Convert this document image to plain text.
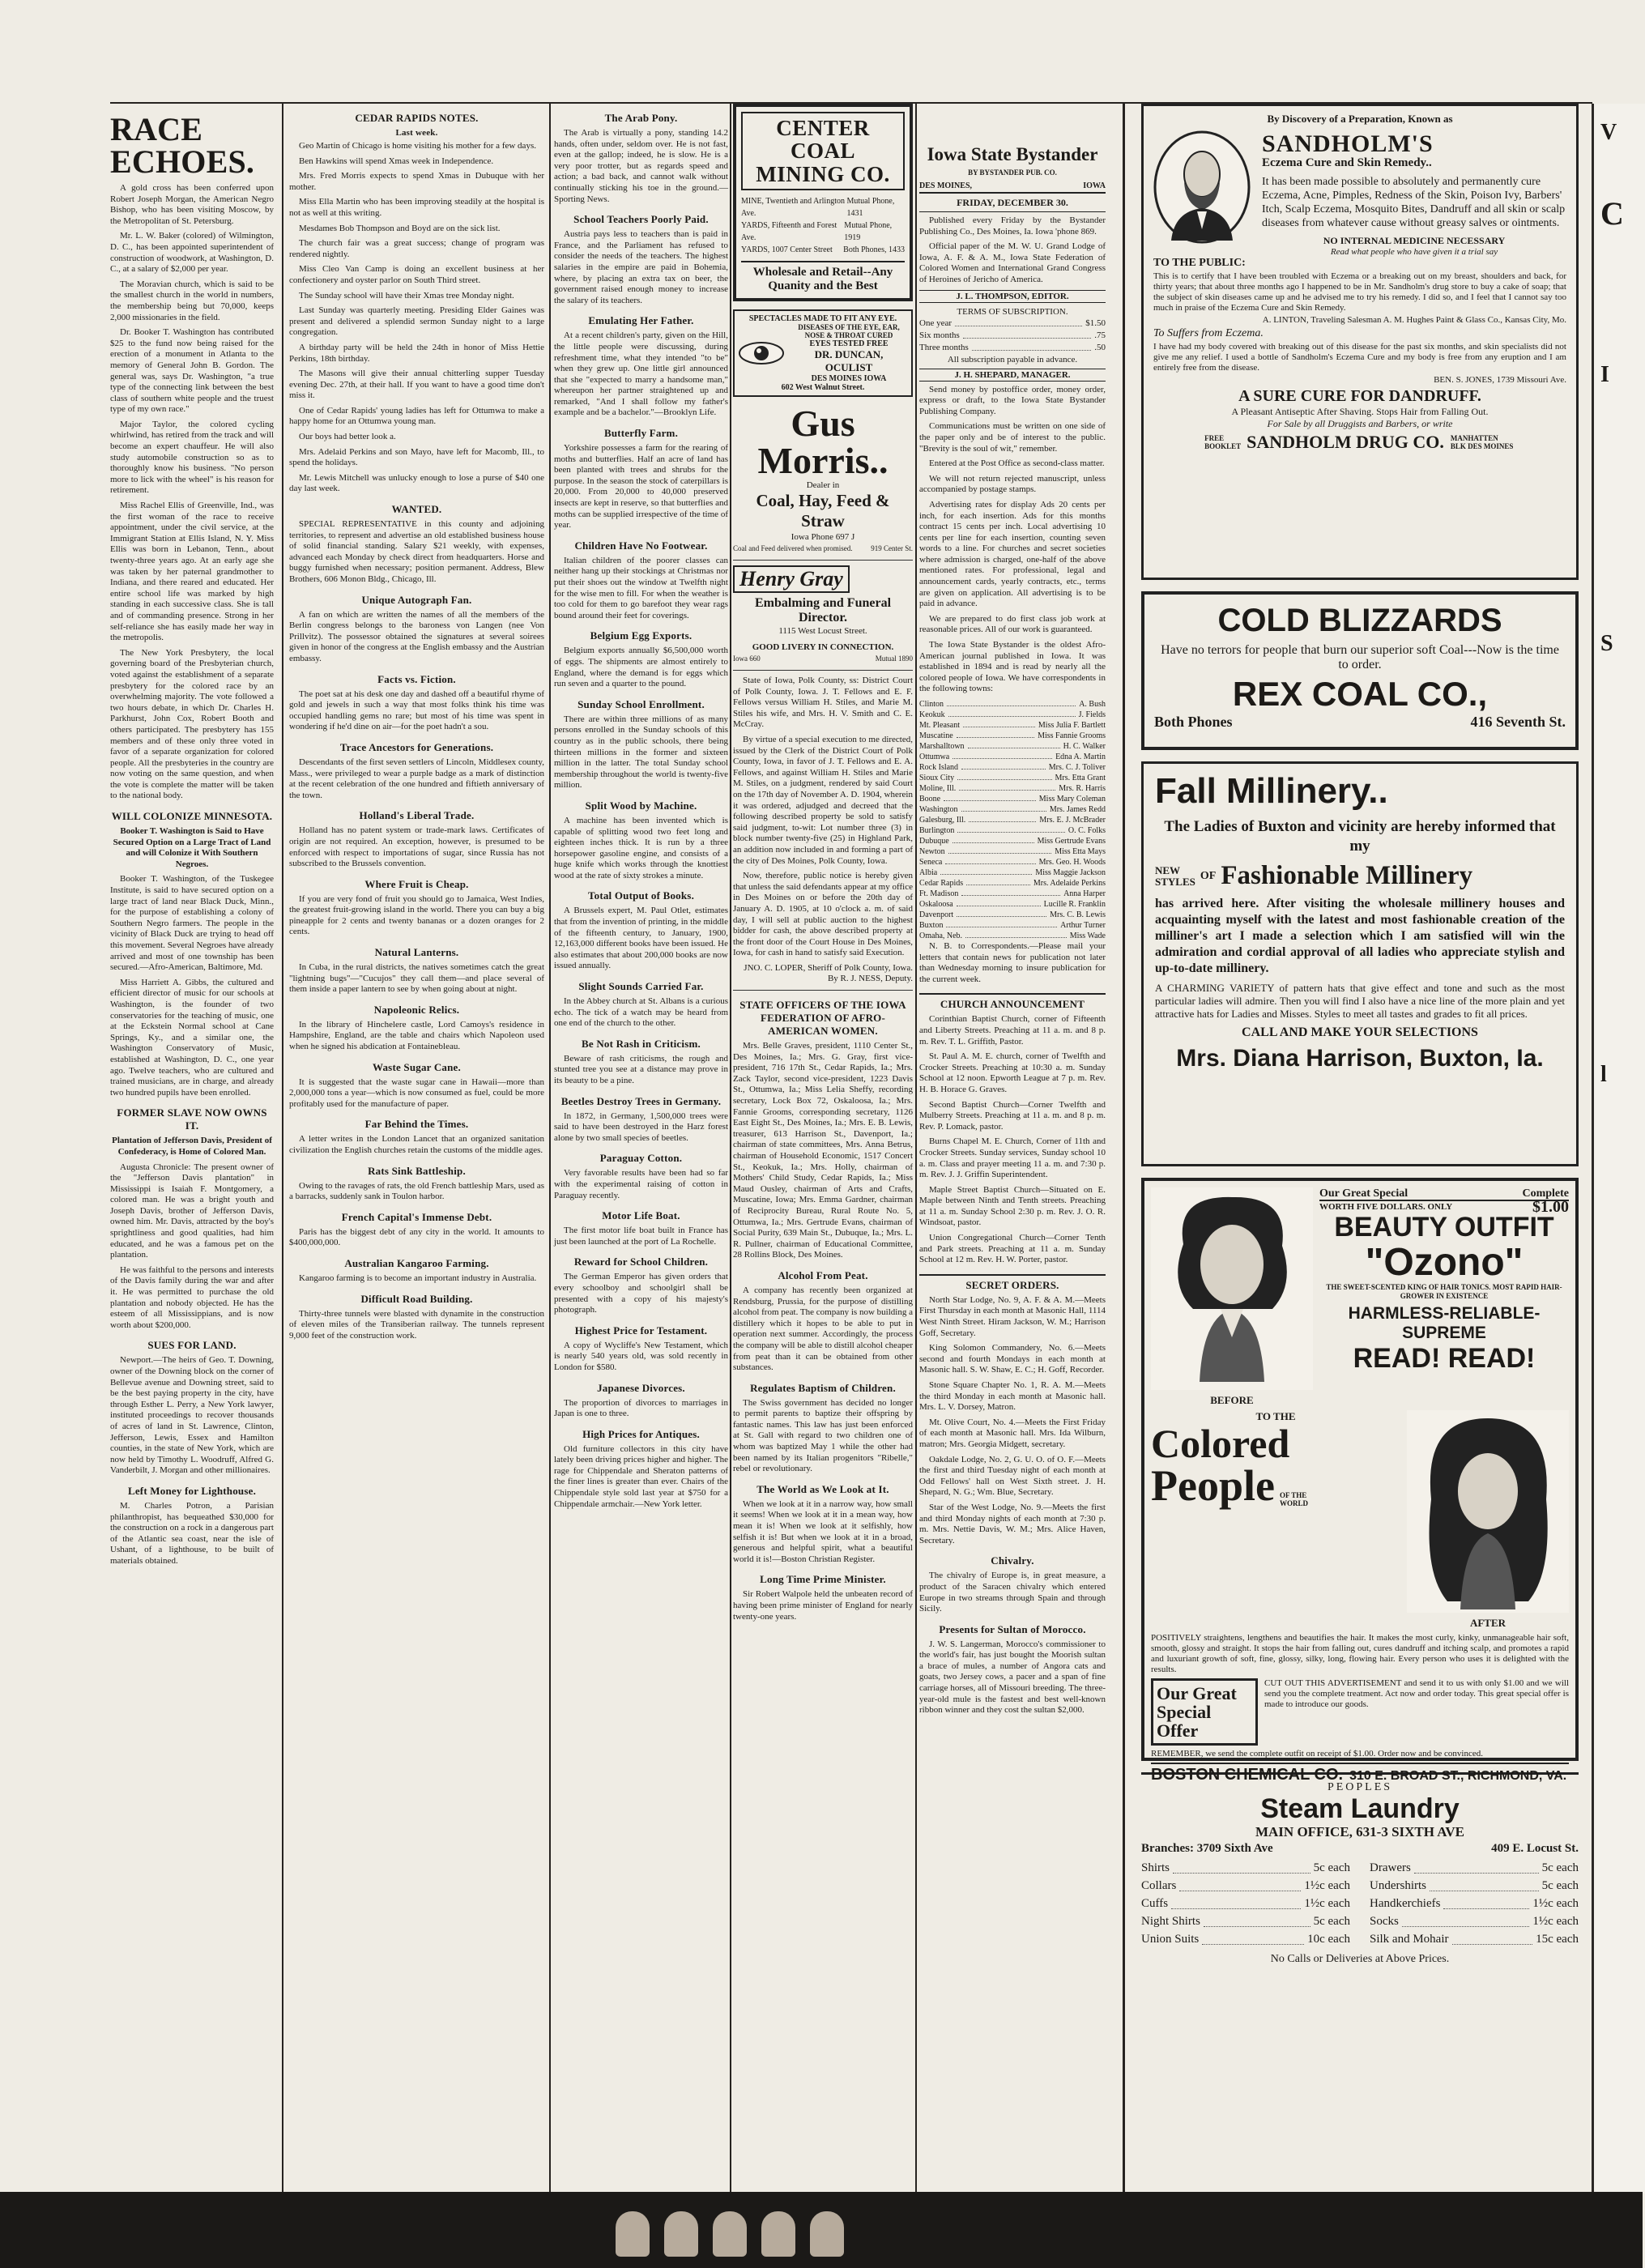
RACE ECHOES.

A gold cross has been conferred upon Robert Joseph Morgan, the American Negro Bishop, who has been visiting Moscow, by the Metropolitan of St. Petersburg.

Mr. L. W. Baker (colored) of Wilmington, D. C., has been appointed superintendent of construction of woodwork, at Washington, D. C., at a salary of $2,000 per year.

The Moravian church, which is said to be the smallest church in the world in numbers, the membership being but 70,000, keeps 2,000 missionaries in the field.

Dr. Booker T. Washington has contributed $25 to the fund now being raised for the erection of a monument in Atlanta to the memory of General John B. Gordon. The general was, says Dr. Washington, "a true type of the connecting link between the best class of southern white people and the truest type of my own race."

Major Taylor, the colored cycling whirlwind, has retired from the track and will become an expert chauffeur. He will also study automobile construction so as to thoroughly know his business. "No person more to lick with the wheel" is his reason for retirement.

Miss Rachel Ellis of Greenville, Ind., was the first woman of the race to receive appointment, under the civil service, at the Immigrant Station at Ellis Island, N. Y. Miss Ellis was born in Lebanon, Tenn., about twenty-three years ago. At an early age she was taken by her paternal grandmother to Indiana, and there reared and educated. Her entire school life was marked by high standing in each successive class. She is tall and of commanding presence. Strong in her self-reliance she has easily made her way in the metropolis.

The New York Presbytery, the local governing board of the Presbyterian church, voted against the establishment of a separate presbytery for the colored race by an overwhelming majority. The vote followed a two hours debate, in which Dr. Charles H. Parkhurst, John Cox, Robert Booth and others participated. The presbytery has 155 members and of these only three voted in favor of a separate organization for colored people. All the presbyteries in the country are now voting on the same question, and when the vote is complete the matter will be taken to the national body.

WILL COLONIZE MINNESOTA.

Booker T. Washington is Said to Have Secured Option on a Large Tract of Land and will Colonize it With Southern Negroes.

Booker T. Washington, of the Tuskegee Institute, is said to have secured option on a large tract of land near Black Duck, Minn., for the purpose of establishing a colony of Southern Negro farmers. The people in the vicinity of Black Duck are trying to head off this movement. Several Negroes have already arrived and most of one township has been secured.—Afro-American, Baltimore, Md.

Miss Harriett A. Gibbs, the cultured and efficient director of music for our schools at Washington, is the founder of two conservatories for the teaching of music, one at the Eckstein Normal school at Cane Springs, Ky., and a similar one, the Washington Conservatory of Music, established at Washington, D. C., one year ago. Twelve teachers, who are cultured and trained musicians, are in charge, and already two hundred pupils have been enrolled.

FORMER SLAVE NOW OWNS IT.

Plantation of Jefferson Davis, President of Confederacy, is Home of Colored Man.

Augusta Chronicle: The present owner of the "Jefferson Davis plantation" in Mississippi is Isaiah F. Montgomery, a colored man. He was a bright youth and Joseph Davis, brother of Jefferson Davis, owned him. Mr. Davis, attracted by the boy's sprightliness and good qualities, had him educated, and he was a famous pet on the plantation.

He was faithful to the persons and interests of the Davis family during the war and after it. He was permitted to purchase the old plantation and nobody objected. He has the esteem of all Mississippians, and is now worth about $200,000.

SUES FOR LAND.

Newport.—The heirs of Geo. T. Downing, owner of the Downing block on the corner of Bellevue avenue and Downing street, said to be the best paying property in the city, have through Esther L. Perry, a New York lawyer, instituted proceedings to recover thousands of acres of land in St. Lawrence, Clinton, Jefferson, Lewis, Essex and Hamilton counties, in the state of New York, which are now held by Timothy L. Woodruff, Alfred G. Vanderbilt, J. Morgan and other millionaires.

Left Money for Lighthouse.

M. Charles Potron, a Parisian philanthropist, has bequeathed $30,000 for the construction on a rock in a dangerous part of the Atlantic sea coast, near the isle of Ushant, of a lighthouse, to be built of materials obtained.

CEDAR RAPIDS NOTES.
Last week.

Geo Martin of Chicago is home visiting his mother for a few days.

Ben Hawkins will spend Xmas week in Independence.

Mrs. Fred Morris expects to spend Xmas in Dubuque with her mother.

Miss Ella Martin who has been improving steadily at the hospital is not as well at this writing.

Mesdames Bob Thompson and Boyd are on the sick list.

The church fair was a great success; change of program was rendered nightly.

Miss Cleo Van Camp is doing an excellent business at her confectionery and oyster parlor on South Third street.

The Sunday school will have their Xmas tree Monday night.

Last Sunday was quarterly meeting. Presiding Elder Gaines was present and delivered a splendid sermon Sunday night to a large congregation.

A birthday party will be held the 24th in honor of Miss Hettie Perkins, 18th birthday.

The Masons will give their annual chitterling supper Tuesday evening Dec. 27th, at their hall. If you want to have a good time don't miss it.

One of Cedar Rapids' young ladies has left for Ottumwa to make a happy home for an Ottumwa young man.

Our boys had better look a.

Mrs. Adelaid Perkins and son Mayo, have left for Macomb, Ill., to spend the holidays.

Mr. Lewis Mitchell was unlucky enough to lose a purse of $40 one day last week.

WANTED.

SPECIAL REPRESENTATIVE in this county and adjoining territories, to represent and advertise an old established business house of solid financial standing. Salary $21 weekly, with expenses, advanced each Monday by check direct from headquarters. Horse and buggy furnished when necessary; position permanent. Address, Blew Brothers, 606 Monon Bldg., Chicago, Ill.

Unique Autograph Fan.

A fan on which are written the names of all the members of the Berlin congress belongs to the baroness von Langen (nee Von Prillvitz). The possessor obtained the signatures at several soirees given in honor of the congress at the English embassy and the Austrian embassy.

Facts vs. Fiction.

The poet sat at his desk one day and dashed off a beautiful rhyme of gold and jewels in such a way that most folks think his time was occupied handling gems no rare; but most of his time was spent in wondering if he'd dine on air—for the poet hadn't a sou.

Trace Ancestors for Generations.

Descendants of the first seven settlers of Lincoln, Middlesex county, Mass., were privileged to wear a purple badge as a mark of distinction at the recent celebration of the one hundred and fiftieth anniversary of the town.

Holland's Liberal Trade.

Holland has no patent system or trade-mark laws. Certificates of origin are not required. An exception, however, is presumed to be enforced with respect to importations of sugar, since Russia has not subscribed to the Brussels convention.

Where Fruit is Cheap.

If you are very fond of fruit you should go to Jamaica, West Indies, the greatest fruit-growing island in the world. There you can buy a big pineapple for 2 cents and twenty bananas or a dozen oranges for 2 cents.

Natural Lanterns.

In Cuba, in the rural districts, the natives sometimes catch the great "lightning bugs"—"Cucujos" they call them—and place several of them inside a paper lantern to see by when going about at night.

Napoleonic Relics.

In the library of Hinchelere castle, Lord Camoys's residence in Hampshire, England, are the table and chairs which Napoleon used when he signed his abdication at Fontainebleau.

Waste Sugar Cane.

It is suggested that the waste sugar cane in Hawaii—more than 2,000,000 tons a year—which is now consumed as fuel, could be more profitably used for the manufacture of paper.

Far Behind the Times.

A letter writes in the London Lancet that an organized sanitation civilization the English churches retain the customs of the middle ages.

Rats Sink Battleship.

Owing to the ravages of rats, the old French battleship Mars, used as a barracks, suddenly sank in Toulon harbor.

French Capital's Immense Debt.

Paris has the biggest debt of any city in the world. It amounts to $400,000,000.

Australian Kangaroo Farming.

Kangaroo farming is to become an important industry in Australia.

Difficult Road Building.

Thirty-three tunnels were blasted with dynamite in the construction of eleven miles of the Transiberian railway. The tunnels represent 9,000 feet of the construction work.

The Arab Pony.

The Arab is virtually a pony, standing 14.2 hands, often under, seldom over. He is not fast, even at the gallop; indeed, he is slow. He is a very poor trotter, but as regards speed and action; a bad back, and cannot walk without continually sticking his toe in the ground.—Sporting News.

School Teachers Poorly Paid.

Austria pays less to teachers than is paid in France, and the Parliament has refused to consider the needs of the teachers. The highest salaries in the empire are paid in Bohemia, where, by placing an extra tax on beer, the government raised enough money to increase the salary of its teachers.

Emulating Her Father.

At a recent children's party, given on the Hill, the little people were discussing, during refreshment time, what they intended "to be" when they grew up. One little girl announced that she "expected to marry a handsome man," whereupon her partner straightened up and remarked, "And I shall follow my father's example and be a bachelor."—Brooklyn Life.

Butterfly Farm.

Yorkshire possesses a farm for the rearing of moths and butterflies. Half an acre of land has been planted with trees and shrubs for the purpose. In the season the stock of caterpillars is 20,000. From 20,000 to 40,000 preserved insects are kept in reserve, so that butterflies and moths can be supplied irrespective of the time of year.

Children Have No Footwear.

Italian children of the poorer classes can neither hang up their stockings at Christmas nor put their shoes out the window at Twelfth night for the wise men to fill. For when the weather is too cold for them to go barefoot they wear rags bound around their feet for coverings.

Belgium Egg Exports.

Belgium exports annually $6,500,000 worth of eggs. The shipments are almost entirely to England, where the demand is for eggs which run seven and a quarter to the pound.

Sunday School Enrollment.

There are within three millions of as many persons enrolled in the Sunday schools of this country as in the public schools, there being thirteen millions in the former and sixteen million in the latter. The total Sunday school membership throughout the world is twenty-five million.

Split Wood by Machine.

A machine has been invented which is capable of splitting wood two feet long and eighteen inches thick. It is run by a three horsepower gasoline engine, and consists of a huge knife which works through the knottiest wood at the rate of sixty strokes a minute.

Total Output of Books.

A Brussels expert, M. Paul Otlet, estimates that from the invention of printing, in the middle of the fifteenth century, to January, 1900, 12,163,000 different books have been issued. He also estimates that about 200,000 books are now issued annually.

Slight Sounds Carried Far.

In the Abbey church at St. Albans is a curious echo. The tick of a watch may be heard from one end of the church to the other.

Be Not Rash in Criticism.

Beware of rash criticisms, the rough and stunted tree you see at a distance may prove in its beauty to be a pine.

Beetles Destroy Trees in Germany.

In 1872, in Germany, 1,500,000 trees were said to have been destroyed in the Harz forest alone by two small species of beetles.

Paraguay Cotton.

Very favorable results have been had so far with the experimental raising of cotton in Paraguay recently.

Motor Life Boat.

The first motor life boat built in France has just been launched at the port of La Rochelle.

Reward for School Children.

The German Emperor has given orders that every schoolboy and schoolgirl shall be presented with a copy of his majesty's photograph.

Highest Price for Testament.

A copy of Wycliffe's New Testament, which is nearly 540 years old, was sold recently in London for $580.

Japanese Divorces.

The proportion of divorces to marriages in Japan is one to three.

High Prices for Antiques.

Old furniture collectors in this city have lately been driving prices higher and higher. The rage for Chippendale and Sheraton patterns of the finer lines is greater than ever. Chairs of the Chippendale style sold last year at $750 for a Chippendale armchair.—New York letter.

CENTER COAL MINING CO.
MINE, Twentieth and Arlington Ave.
Mutual Phone, 1431
YARDS, Fifteenth and Forest Ave.
Mutual Phone, 1919
YARDS, 1007 Center Street Both Phones, 1433
Wholesale and Retail--Any Quanity and the Best
SPECTACLES MADE TO FIT ANY EYE.
DISEASES OF THE EYE, EAR, NOSE & THROAT CURED
EYES TESTED FREE
DR. DUNCAN, OCULIST
DES MOINES IOWA
602 West Walnut Street.
Gus Morris..
Dealer in
Coal, Hay, Feed & Straw
Iowa Phone 697 J
Coal and Feed delivered when promised.	919 Center St.
Henry Gray
Embalming and Funeral Director.
1115 West Locust Street.
GOOD LIVERY IN CONNECTION.
Iowa 660	Mutual 1890

State of Iowa, Polk County, ss: District Court of Polk County, Iowa. J. T. Fellows and E. F. Fellows versus William H. Stiles, and Marie M. Stiles his wife, and Mrs. H. V. Smith and C. E. McCray.

By virtue of a special execution to me directed, issued by the Clerk of the District Court of Polk County, Iowa, in favor of J. T. Fellows and E. A. Fellows, and against William H. Stiles and Marie M. Stiles, on a judgment, rendered by said Court on the 17th day of November A. D. 1904, wherein it was ordered, adjudged and decreed that the following described property be sold to satisfy said judgment, to-wit: Lot number three (3) in block number twenty-five (25) in Highland Park, an addition now included in and forming a part of the city of Des Moines, Polk County, Iowa.

Now, therefore, public notice is hereby given that unless the said defendants appear at my office in Des Moines on or before the 20th day of January A. D. 1905, at 10 o'clock a. m. of said day, I will sell at public auction to the highest bidder for cash, the above described property at the front door of the Court House in Des Moines, Iowa, for cash in hand to satisfy said Execution.

JNO. C. LOPER, Sheriff of Polk County, Iowa. By R. J. NESS, Deputy.

STATE OFFICERS OF THE IOWA FEDERATION OF AFRO-AMERICAN WOMEN.

Mrs. Belle Graves, president, 1110 Center St., Des Moines, Ia.; Mrs. G. Gray, first vice-president, 716 17th St., Cedar Rapids, Ia.; Mrs. Zack Taylor, second vice-president, 1223 Davis St., Ottumwa, Ia.; Miss Lelia Sheffy, recording secretary, Lock Box 72, Oskaloosa, Ia.; Mrs. Fannie Grooms, corresponding secretary, 1126 East Eight St., Des Moines, Ia.; Mrs. E. B. Lewis, treasurer, 613 Harrison St., Davenport, Ia.; chairman of state committees, Mrs. Anna Betrus, chairman of Household Economic, 1517 Concert St., Keokuk, Ia.; Mrs. Holly, chairman of Mothers' Child Study, Cedar Rapids, Ia.; Miss Maud Ousley, chairman of Arts and Crafts, Muscatine, Iowa; Mrs. Emma Gardner, chairman of Reciprocity Bureau, Rural Route No. 5, Ottumwa, Ia.; Mrs. Gertrude Evans, chairman of Social Purity, 639 Main St., Dubuque, Ia.; Mrs. L. R. Pullner, chairman of Educational Committee, 28 Rollins Block, Des Moines.

Alcohol From Peat.

A company has recently been organized at Rendsburg, Prussia, for the purpose of distilling alcohol from peat. The company is now building a distillery which it hopes to be able to put in operation next summer. Accordingly, the process the company will be able to distill alcohol cheaper from peat than it can be obtained from other substances.

Regulates Baptism of Children.

The Swiss government has decided no longer to permit parents to baptize their offspring by fantastic names. This law has just been enforced at St. Gall with regard to two children one of whom was baptized May 1 while the other had been named by its Italian progenitors "Ribelle," rebel or revolutionary.

The World as We Look at It.

When we look at it in a narrow way, how small it seems! When we look at it in a mean way, how mean it is! When we look at it selfishly, how selfish it is! But when we look at it in a broad, generous and helpful spirit, what a beautiful world it is!—Boston Christian Register.

Long Time Prime Minister.

Sir Robert Walpole held the unbeaten record of having been prime minister of England for nearly twenty-one years.

Iowa State Bystander
BY BYSTANDER PUB. CO.
DES MOINES,	IOWA
FRIDAY, DECEMBER 30.

Published every Friday by the Bystander Publishing Co., Des Moines, Ia. Iowa 'phone 869.

Official paper of the M. W. U. Grand Lodge of Iowa, A. F. & A. M., Iowa State Federation of Colored Women and International Grand Congress of Heroines of Jericho of America.

J. L. THOMPSON, EDITOR.
TERMS OF SUBSCRIPTION.
One year	$1.50
Six months	.75
Three months	.50
All subscription payable in advance.
J. H. SHEPARD, MANAGER.

Send money by postoffice order, money order, express or draft, to the Iowa State Bystander Publishing Company.

Communications must be written on one side of the paper only and be of interest to the public. "Brevity is the soul of wit," remember.

Entered at the Post Office as second-class matter.

We will not return rejected manuscript, unless accompanied by postage stamps.

Advertising rates for display Ads 20 cents per inch, for each insertion. Ads for this months contract 15 cents per inch. Local advertising 10 cents per line for each insertion, counting seven words to a line. For churches and secret societies where admission is charged, one-half of the above mentioned rates. For professional, legal and announcement cards, yearly contracts, etc., terms are given on application. All advertising is to be paid in advance.

We are prepared to do first class job work at reasonable prices. All of our work is guaranteed.

The Iowa State Bystander is the oldest Afro-American journal published in Iowa. It was established in 1894 and is read by nearly all the colored people of Iowa. We have correspondents in the following towns:

Clinton	A. Bush
Keokuk	J. Fields
Mt. Pleasant	Miss Julia F. Bartlett
Muscatine	Miss Fannie Grooms
Marshalltown	H. C. Walker
Ottumwa	Edna A. Martin
Rock Island	Mrs. C. J. Toliver
Sioux City	Mrs. Etta Grant
Moline, Ill.	Mrs. R. Harris
Boone	Miss Mary Coleman
Washington	Mrs. James Redd
Galesburg, Ill.	Mrs. E. J. McBrader
Burlington	O. C. Folks
Dubuque	Miss Gertrude Evans
Newton	Miss Etta Mays
Seneca	Mrs. Geo. H. Woods
Albia	Miss Maggie Jackson
Cedar Rapids	Mrs. Adelaide Perkins
Ft. Madison	Anna Harper
Oskaloosa	Lucille R. Franklin
Davenport	Mrs. C. B. Lewis
Buxton	Arthur Turner
Omaha, Neb.	Miss Wade

N. B. to Correspondents.—Please mail your letters that contain news for publication not later than Wednesday morning to insure publication for the current week.

CHURCH ANNOUNCEMENT

Corinthian Baptist Church, corner of Fifteenth and Liberty Streets. Preaching at 11 a. m. and 8 p. m. Rev. T. L. Griffith, Pastor.

St. Paul A. M. E. church, corner of Twelfth and Crocker Streets. Preaching at 10:30 a. m. Sunday School at 12 noon. Epworth League at 7 p. m. Rev. H. B. Horace G. Graves.

Second Baptist Church—Corner Twelfth and Mulberry Streets. Preaching at 11 a. m. and 8 p. m. Rev. P. Lomack, pastor.

Burns Chapel M. E. Church, Corner of 11th and Crocker Streets. Sunday services, Sunday school 10 a. m. Class and prayer meeting 11 a. m. and 7:30 p. m. Rev. J. J. Griffin Superintendent.

Maple Street Baptist Church—Situated on E. Maple between Ninth and Tenth streets. Preaching at 11 a. m. Sunday School 2:30 p. m. Rev. J. O. R. Windsoat, pastor.

Union Congregational Church—Corner Tenth and Park streets. Preaching at 11 a. m. Sunday School at 12 m. Rev. H. W. Porter, pastor.

SECRET ORDERS.

North Star Lodge, No. 9, A. F. & A. M.—Meets First Thursday in each month at Masonic Hall, 1114 West Ninth Street. Hiram Jackson, W. M.; Harrison Goff, Secretary.

King Solomon Commandery, No. 6.—Meets second and fourth Mondays in each month at Masonic hall. S. W. Shaw, E. C.; H. Goff, Recorder.

Stone Square Chapter No. 1, R. A. M.—Meets the third Monday in each month at Masonic hall. Mrs. L. V. Dorsey, Matron.

Mt. Olive Court, No. 4.—Meets the First Friday of each month at Masonic hall. Mrs. Ida Wilburn, matron; Mrs. Georgia Midgett, secretary.

Oakdale Lodge, No. 2, G. U. O. of O. F.—Meets the first and third Tuesday night of each month at Odd Fellows' hall on West Sixth street. J. H. Shepard, N. G.; Wm. Blue, Secretary.

Star of the West Lodge, No. 9.—Meets the first and third Monday nights of each month at 7:30 p. m. Mrs. Nettie Davis, W. M.; Mrs. Alice Haven, Secretary.

Chivalry.

The chivalry of Europe is, in great measure, a product of the Saracen chivalry which entered Europe in two streams through Spain and through Sicily.

Presents for Sultan of Morocco.

J. W. S. Langerman, Morocco's commissioner to the world's fair, has just bought the Moorish sultan a brace of mules, a number of Angora cats and goats, two Jersey cows, a pacer and a span of fine carriage horses, all of Missouri breeding. The three-year-old mule is the fastest and best well-known ribbon winner and they cost the sultan $2,000.

By Discovery of a Preparation, Known as
SANDHOLM'S
Eczema Cure and Skin Remedy..

It has been made possible to absolutely and permanently cure Eczema, Acne, Pimples, Redness of the Skin, Poison Ivy, Barbers' Itch, Scalp Eczema, Mosquito Bites, Dandruff and all skin or scalp diseases from whatever cause without greasy salves or ointments.

NO INTERNAL MEDICINE NECESSARY
Read what people who have given it a trial say
TO THE PUBLIC:

This is to certify that I have been troubled with Eczema or a breaking out on my breast, shoulders and back, for thirty years; that about three months ago I happened to be in Mr. Sandholm's drug store to buy a cake of soap; that the subject of skin diseases came up and he advised me to try his remedy. I did so, and I feel that I cannot say too much in praise of the Eczema Cure and Skin Remedy.

A. LINTON, Traveling Salesman A. M. Hughes Paint & Glass Co., Kansas City, Mo.

To Suffers from Eczema.

I have had my body covered with breaking out of this disease for the past six months, and skin specialists did not give me any relief. I used a bottle of Sandholm's Eczema Cure and my body is free from any eruption and I am entirely free from the disease.

BEN. S. JONES, 1739 Missouri Ave.

A SURE CURE FOR DANDRUFF.
A Pleasant Antiseptic After Shaving. Stops Hair from Falling Out.
For Sale by all Druggists and Barbers, or write
FREE BOOKLET SANDHOLM DRUG CO. MANHATTEN BLK DES MOINES
COLD BLIZZARDS
Have no terrors for people that burn our superior soft Coal---Now is the time to order.
REX COAL CO.,
Both Phones	416 Seventh St.
Fall Millinery..
The Ladies of Buxton and vicinity are hereby informed that my
NEW
STYLES OF Fashionable Millinery

has arrived here. After visiting the wholesale millinery houses and acquainting myself with the latest and most fashionable creation of the milliner's art I made a selection which I am satisfied will win the admiration and cordial approval of all ladies who appreciate stylish and up-to-date millinery.

A CHARMING VARIETY of pattern hats that give effect and tone and such as the most particular ladies will admire. Then you will find I also have a nice line of the more plain and yet attractive hats for Ladies and Misses. Styles to meet all tastes and grades to fit all prices.

CALL AND MAKE YOUR SELECTIONS
Mrs. Diana Harrison, Buxton, Ia.
BEFORE
Our Great Special	Complete
WORTH FIVE DOLLARS. ONLY	$1.00
BEAUTY OUTFIT
"Ozono"
THE SWEET-SCENTED KING OF HAIR TONICS. MOST RAPID HAIR-GROWER IN EXISTENCE
HARMLESS-RELIABLE-SUPREME
READ! READ!
TO THE
Colored
People OF THE WORLD
AFTER

POSITIVELY straightens, lengthens and beautifies the hair. It makes the most curly, kinky, unmanageable hair soft, smooth, glossy and straight. It stops the hair from falling out, cures dandruff and itching scalp, and promotes a rapid and luxuriant growth of soft, fine, glossy, silky, long, flowing hair. Every person who uses it is delighted with the results.

Our Great Special Offer

CUT OUT THIS ADVERTISEMENT and send it to us with only $1.00 and we will send you the complete treatment. Act now and order today. This great special offer is made to introduce our goods.

REMEMBER, we send the complete outfit on receipt of $1.00. Order now and be convinced.

BOSTON CHEMICAL CO. 310 E. BROAD ST., RICHMOND, VA.
PEOPLES
Steam Laundry
MAIN OFFICE, 631-3 SIXTH AVE
Branches: 3709 Sixth Ave	409 E. Locust St.
Shirts	5c each
Collars	1½c each
Cuffs	1½c each
Night Shirts	5c each
Union Suits	10c each
Drawers	5c each
Undershirts	5c each
Handkerchiefs	1½c each
Socks	1½c each
Silk and Mohair	15c each
No Calls or Deliveries at Above Prices.
V
C
I
S
l
